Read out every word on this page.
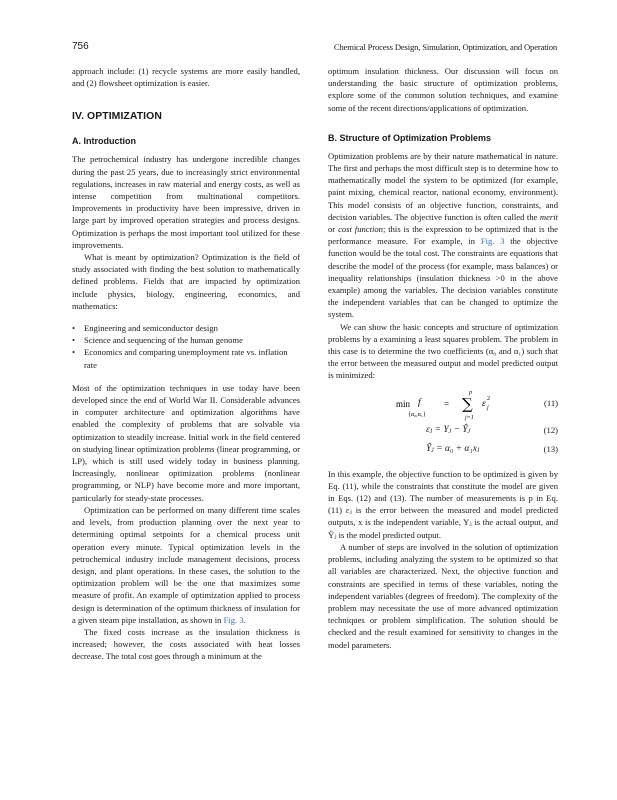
756	Chemical Process Design, Simulation, Optimization, and Operation

approach include: (1) recycle systems are more easily handled, and (2) flowsheet optimization is easier.

IV. OPTIMIZATION
A. Introduction

The petrochemical industry has undergone incredible changes during the past 25 years, due to increasingly strict environmental regulations, increases in raw material and energy costs, as well as intense competition from multinational competitors. Improvements in productivity have been impressive, driven in large part by improved operation strategies and process designs. Optimization is perhaps the most important tool utilized for these improvements.

What is meant by optimization? Optimization is the field of study associated with finding the best solution to mathematically defined problems. Fields that are impacted by optimization include physics, biology, engineering, economics, and mathematics:

• Engineering and semiconductor design
• Science and sequencing of the human genome
• Economics and comparing unemployment rate vs. inflation rate

Most of the optimization techniques in use today have been developed since the end of World War II. Considerable advances in computer architecture and optimization algorithms have enabled the complexity of problems that are solvable via optimization to steadily increase. Initial work in the field centered on studying linear optimization problems (linear programming, or LP), which is still used widely today in business planning. Increasingly, nonlinear optimization problems (nonlinear programming, or NLP) have become more and more important, particularly for steady-state processes.

Optimization can be performed on many different time scales and levels, from production planning over the next year to determining optimal setpoints for a chemical process unit operation every minute. Typical optimization levels in the petrochemical industry include management decisions, process design, and plant operations. In these cases, the solution to the optimization problem will be the one that maximizes some measure of profit. An example of optimization applied to process design is determination of the optimum thickness of insulation for a given steam pipe installation, as shown in Fig. 3.

The fixed costs increase as the insulation thickness is increased; however, the costs associated with heat losses decrease. The total cost goes through a minimum at the

optimum insulation thickness. Our discussion will focus on understanding the basic structure of optimization problems, explore some of the common solution techniques, and examine some of the recent directions/applications of optimization.

B. Structure of Optimization Problems

Optimization problems are by their nature mathematical in nature. The first and perhaps the most difficult step is to determine how to mathematically model the system to be optimized (for example, paint mixing, chemical reactor, national economy, environment). This model consists of an objective function, constraints, and decision variables. The objective function is often called the merit or cost function; this is the expression to be optimized that is the performance measure. For example, in Fig. 3 the objective function would be the total cost. The constraints are equations that describe the model of the process (for example, mass balances) or inequality relationships (insulation thickness >0 in the above example) among the variables. The decision variables constitute the independent variables that can be changed to optimize the system.

We can show the basic concepts and structure of optimization problems by a examining a least squares problem. The problem in this case is to determine the two coefficients (α₀ and α₁) such that the error between the measured output and model predicted output is minimized:

min f
{α₀,α₁}
=
p
∑
j=1
ε j
2	(11)
εⱼ = Yⱼ − Ŷⱼ	(12)
Ŷⱼ = α₀ + α₁xⱼ	(13)

In this example, the objective function to be optimized is given by Eq. (11), while the constraints that constitute the model are given in Eqs. (12) and (13). The number of measurements is p in Eq. (11) εⱼ is the error between the measured and model predicted outputs, x is the independent variable, Yⱼ is the actual output, and Ŷⱼ is the model predicted output.

A number of steps are involved in the solution of optimization problems, including analyzing the system to be optimized so that all variables are characterized. Next, the objective function and constraints are specified in terms of these variables, noting the independent variables (degrees of freedom). The complexity of the problem may necessitate the use of more advanced optimization techniques or problem simplification. The solution should be checked and the result examined for sensitivity to changes in the model parameters.
